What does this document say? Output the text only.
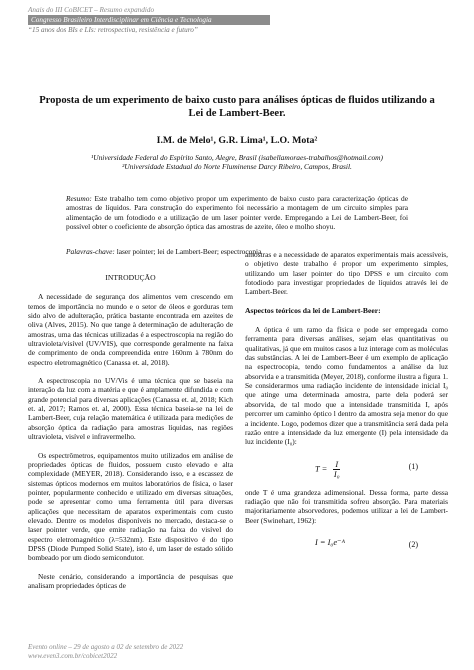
Anais do III CoBICET – Resumo expandido
Congresso Brasileiro Interdisciplinar em Ciência e Tecnologia
“15 anos dos BIs e LIs: retrospectiva, resistência e futuro”
Proposta de um experimento de baixo custo para análises ópticas de fluidos utilizando a Lei de Lambert-Beer.
I.M. de Melo¹, G.R. Lima¹, L.O. Mota²
¹Universidade Federal do Espírito Santo, Alegre, Brasil (isabellamoraes-trabalhos@hotmail.com)
²Universidade Estadual do Norte Fluminense Darcy Ribeiro, Campos, Brasil.
Resumo: Este trabalho tem como objetivo propor um experimento de baixo custo para caracterização ópticas de amostras de líquidos. Para construção do experimento foi necessário a montagem de um circuito simples para alimentação de um fotodiodo e a utilização de um laser pointer verde. Empregando a Lei de Lambert-Beer, foi possível obter o coeficiente de absorção óptica das amostras de azeite, óleo e molho shoyu.
Palavras-chave: laser pointer; lei de Lambert-Beer; espectrocopia
INTRODUÇÃO

A necessidade de segurança dos alimentos vem crescendo em temos de importância no mundo e o setor de óleos e gorduras tem sido alvo de adulteração, prática bastante encontrada em azeites de oliva (Alves, 2015). No que tange à determinação de adulteração de amostras, uma das técnicas utilizadas é a espectroscopia na região do ultravioleta/visível (UV/VIS), que corresponde geralmente na faixa de comprimento de onda compreendida entre 160nm à 780nm do espectro eletromagnético (Canassa et. al, 2018).

A espectroscopia no UV/Vis é uma técnica que se baseia na interação da luz com a matéria e que é amplamente difundida e com grande potencial para diversas aplicações (Canassa et. al, 2018; Kich et. al, 2017; Ramos et. al, 2000). Essa técnica baseia-se na lei de Lambert-Beer, cuja relação matemática é utilizada para medições de absorção óptica da radiação para amostras líquidas, nas regiões ultravioleta, visível e infravermelho.

Os espectrômetros, equipamentos muito utilizados em análise de propriedades ópticas de fluidos, possuem custo elevado e alta complexidade (MEYER, 2018). Considerando isso, e a escassez de sistemas ópticos modernos em muitos laboratórios de física, o laser pointer, popularmente conhecido e utilizado em diversas situações, pode se apresentar como uma ferramenta útil para diversas aplicações que necessitam de aparatos experimentais com custo elevado. Dentre os modelos disponíveis no mercado, destaca-se o laser pointer verde, que emite radiação na faixa do visível do espectro eletromagnético (λ=532nm). Este dispositivo é do tipo DPSS (Diode Pumped Solid State), isto é, um laser de estado sólido bombeado por um diodo semicondutor.

Neste cenário, considerando a importância de pesquisas que analisam propriedades ópticas de

amostras e a necessidade de aparatos experimentais mais acessíveis, o objetivo deste trabalho é propor um experimento simples, utilizando um laser pointer do tipo DPSS e um circuito com fotodiodo para investigar propriedades de líquidos através lei de Lambert-Beer.

Aspectos teóricos da lei de Lambert-Beer:

A óptica é um ramo da física e pode ser empregada como ferramenta para diversas análises, sejam elas quantitativas ou qualitativas, já que em muitos casos a luz interage com as moléculas das substâncias. A lei de Lambert-Beer é um exemplo de aplicação na espectrocopia, tendo como fundamentos a análise da luz absorvida e a transmitida (Meyer, 2018), conforme ilustra a figura 1. Se considerarmos uma radiação incidente de intensidade inicial I₀ que atinge uma determinada amostra, parte dela poderá ser absorvida, de tal modo que a intensidade transmitida I, após percorrer um caminho óptico l dentro da amostra seja menor do que a incidente. Logo, podemos dizer que a transmitância será dada pela razão entre a intensidade da luz emergente (I) pela intensidade da luz incidente (I₀):

$T = \frac{I}{\text{I₀}}$	(1)

onde T é uma grandeza adimensional. Dessa forma, parte dessa radiação que não foi transmitida sofreu absorção. Para materiais majoritariamente absorvedores, podemos utilizar a lei de Lambert-Beer (Swinehart, 1962):

I = I₀e⁻ᴬ	(2)
Evento online – 29 de agosto a 02 de setembro de 2022
www.even3.com.br/cobicet2022
